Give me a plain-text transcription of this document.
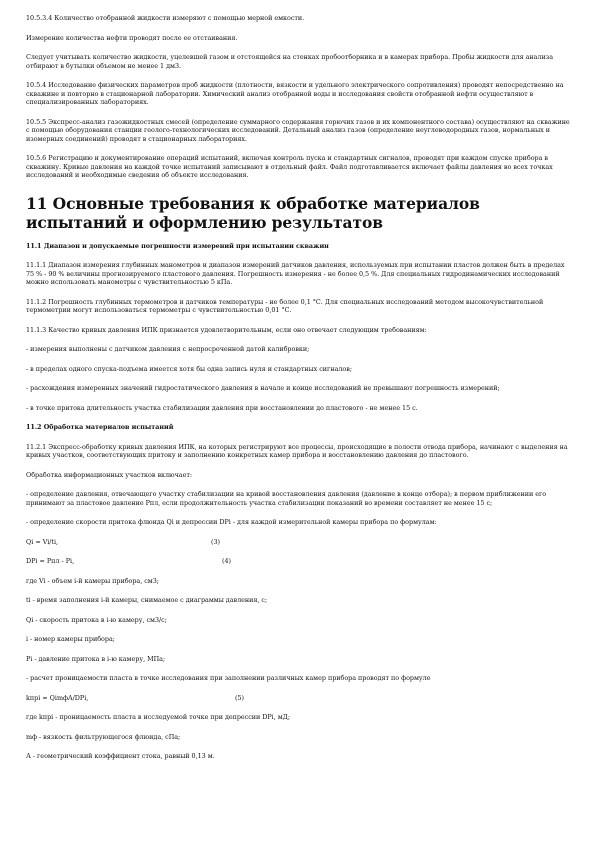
10.5.3.4 Количество отобранной жидкости измеряют с помощью мерной емкости.

Измерение количества нефти проводят после ее отстаивания.

Следует учитывать количество жидкости, уцелевшей газом и отстоящейся на стенках пробоотборника и в камерах прибора. Пробы жидкости для анализа отбирают в бутылки объемом не менее 1 дм3.

10.5.4 Исследование физических параметров проб жидкости (плотности, вязкости и удельного электрического сопротивления) проводят непосредственно на скважине и повторно в стационарной лаборатории. Химический анализ отобранной воды и исследования свойств отобранной нефти осуществляют в специализированных лабораториях.

10.5.5 Экспресс-анализ газожидкостных смесей (определение суммарного содержания горючих газов и их компонентного состава) осуществляют на скважине с помощью оборудования станции геолого-технологических исследований. Детальный анализ газов (определение неуглеводородных газов, нормальных и изомерных соединений) проводят в стационарных лабораториях.

10.5.6 Регистрацию и документирование операций испытаний, включая контроль пуска и стандартных сигналов, проводят при каждом спуске прибора в скважину. Кривые давления на каждой точке испытаний записывают в отдельный файл. Файл подготавливается включает файлы давления во всех точках исследований и необходимые сведения об объекте исследования.

11 Основные требования к обработке материалов испытаний и оформлению результатов

11.1 Диапазон и допускаемые погрешности измерений при испытании скважин

11.1.1 Диапазон измерения глубинных манометров и диапазон измерений датчиков давления, используемых при испытании пластов должен быть в пределах 75 % - 90 % величины прогнозируемого пластового давления. Погрешность измерения - не более 0,5 %. Для специальных гидродинамических исследований можно использовать манометры с чувствительностью 5 кПа.

11.1.2 Погрешность глубинных термометров и датчиков температуры - не более 0,1 °С. Для специальных исследований методом высокочувствительной термометрии могут использоваться термометры с чувствительностью 0,01 °С.

11.1.3 Качество кривых давления ИПК признается удовлетворительным, если оно отвечает следующим требованиям:

- измерения выполнены с датчиком давления с непросроченной датой калибровки;

- в пределах одного спуска-подъема имеется хотя бы одна запись нуля и стандартных сигналов;

- расхождения измеренных значений гидростатического давления в начале и конце исследований не превышают погрешность измерений;

- в точке притока длительность участка стабилизации давления при восстановлении до пластового - не менее 15 с.

11.2 Обработка материалов испытаний

11.2.1 Экспресс-обработку кривых давления ИПК, на которых регистрируют все процессы, происходящие в полости отвода прибора, начинают с выделения на кривых участков, соответствующих притоку и заполнению конкретных камер прибора и восстановлению давления до пластового.

Обработка информационных участков включает:

- определение давления, отвечающего участку стабилизации на кривой восстановления давления (давление в конце отбора); в первом приближении его принимают за пластовое давление Рпл, если продолжительность участка стабилизации показаний во времени составляет не менее 15 с;

- определение скорости притока флюида Qi и депрессии DPi - для каждой измерительной камеры прибора по формулам:

Qi = Vi/ti,	(3)
DPi = Рпл - Pi,	(4)

где Vi - объем i-й камеры прибора, см3;

ti - время заполнения i-й камеры, снимаемое с диаграммы давления, с;

Qi - скорость притока в i-ю камеру, см3/с;

i - номер камеры прибора;

Pi - давление притока в i-ю камеру, МПа;

- расчет проницаемости пласта в точке исследования при заполнении различных камер прибора проводят по формуле

kпрi = QimфA/DPi,	(5)

где kпрi - проницаемость пласта в исследуемой точке при депрессии DPi, мД;

mф - вязкость фильтрующегося флюида, сПа;

А - геометрический коэффициент стока, равный 0,13 м.
